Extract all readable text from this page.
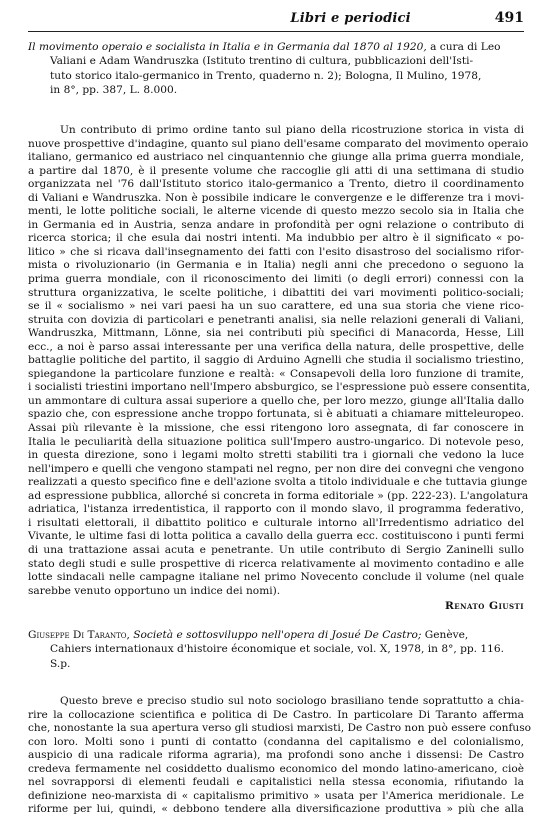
Libri e periodici	491
Il movimento operaio e socialista in Italia e in Germania dal 1870 al 1920, a cura di Leo
Valiani e Adam Wandruszka (Istituto trentino di cultura, pubblicazioni dell'Isti-
tuto storico italo-germanico in Trento, quaderno n. 2); Bologna, Il Mulino, 1978,
in 8°, pp. 387, L. 8.000.
Un contributo di primo ordine tanto sul piano della ricostruzione storica in vista di
nuove prospettive d'indagine, quanto sul piano dell'esame comparato del movimento operaio
italiano, germanico ed austriaco nel cinquantennio che giunge alla prima guerra mondiale,
a partire dal 1870, è il presente volume che raccoglie gli atti di una settimana di studio
organizzata nel '76 dall'Istituto storico italo-germanico a Trento, dietro il coordinamento
di Valiani e Wandruszka. Non è possibile indicare le convergenze e le differenze tra i movi-
menti, le lotte politiche sociali, le alterne vicende di questo mezzo secolo sia in Italia che
in Germania ed in Austria, senza andare in profondità per ogni relazione o contributo di
ricerca storica; il che esula dai nostri intenti. Ma indubbio per altro è il significato « po-
litico » che si ricava dall'insegnamento dei fatti con l'esito disastroso del socialismo rifor-
mista o rivoluzionario (in Germania e in Italia) negli anni che precedono o seguono la
prima guerra mondiale, con il riconoscimento dei limiti (o degli errori) connessi con la
struttura organizzativa, le scelte politiche, i dibattiti dei vari movimenti politico-sociali;
se il « socialismo » nei vari paesi ha un suo carattere, ed una sua storia che viene rico-
struita con dovizia di particolari e penetranti analisi, sia nelle relazioni generali di Valiani,
Wandruszka, Mittmann, Lönne, sia nei contributi più specifici di Manacorda, Hesse, Lill
ecc., a noi è parso assai interessante per una verifica della natura, delle prospettive, delle
battaglie politiche del partito, il saggio di Arduino Agnelli che studia il socialismo triestino,
spiegandone la particolare funzione e realtà: « Consapevoli della loro funzione di tramite,
i socialisti triestini importano nell'Impero absburgico, se l'espressione può essere consentita,
un ammontare di cultura assai superiore a quello che, per loro mezzo, giunge all'Italia dallo
spazio che, con espressione anche troppo fortunata, si è abituati a chiamare mitteleuropeo.
Assai più rilevante è la missione, che essi ritengono loro assegnata, di far conoscere in
Italia le peculiarità della situazione politica sull'Impero austro-ungarico. Di notevole peso,
in questa direzione, sono i legami molto stretti stabiliti tra i giornali che vedono la luce
nell'impero e quelli che vengono stampati nel regno, per non dire dei convegni che vengono
realizzati a questo specifico fine e dell'azione svolta a titolo individuale e che tuttavia giunge
ad espressione pubblica, allorché si concreta in forma editoriale » (pp. 222-23). L'angolatura
adriatica, l'istanza irredentistica, il rapporto con il mondo slavo, il programma federativo,
i risultati elettorali, il dibattito politico e culturale intorno all'Irredentismo adriatico del
Vivante, le ultime fasi di lotta politica a cavallo della guerra ecc. costituiscono i punti fermi
di una trattazione assai acuta e penetrante. Un utile contributo di Sergio Zaninelli sullo
stato degli studi e sulle prospettive di ricerca relativamente al movimento contadino e alle
lotte sindacali nelle campagne italiane nel primo Novecento conclude il volume (nel quale
sarebbe venuto opportuno un indice dei nomi).
Renato Giusti
Giuseppe Di Taranto, Società e sottosviluppo nell'opera di Josué De Castro; Genève,
Cahiers internationaux d'histoire économique et sociale, vol. X, 1978, in 8°, pp. 116.
S.p.
Questo breve e preciso studio sul noto sociologo brasiliano tende soprattutto a chia-
rire la collocazione scientifica e politica di De Castro. In particolare Di Taranto afferma
che, nonostante la sua apertura verso gli studiosi marxisti, De Castro non può essere confuso
con loro. Molti sono i punti di contatto (condanna del capitalismo e del colonialismo,
auspicio di una radicale riforma agraria), ma profondi sono anche i dissensi: De Castro
credeva fermamente nel cosiddetto dualismo economico del mondo latino-americano, cioè
nel sovrapporsi di elementi feudali e capitalistici nella stessa economia, rifiutando la
definizione neo-marxista di « capitalismo primitivo » usata per l'America meridionale. Le
riforme per lui, quindi, « debbono tendere alla diversificazione produttiva » più che alla
